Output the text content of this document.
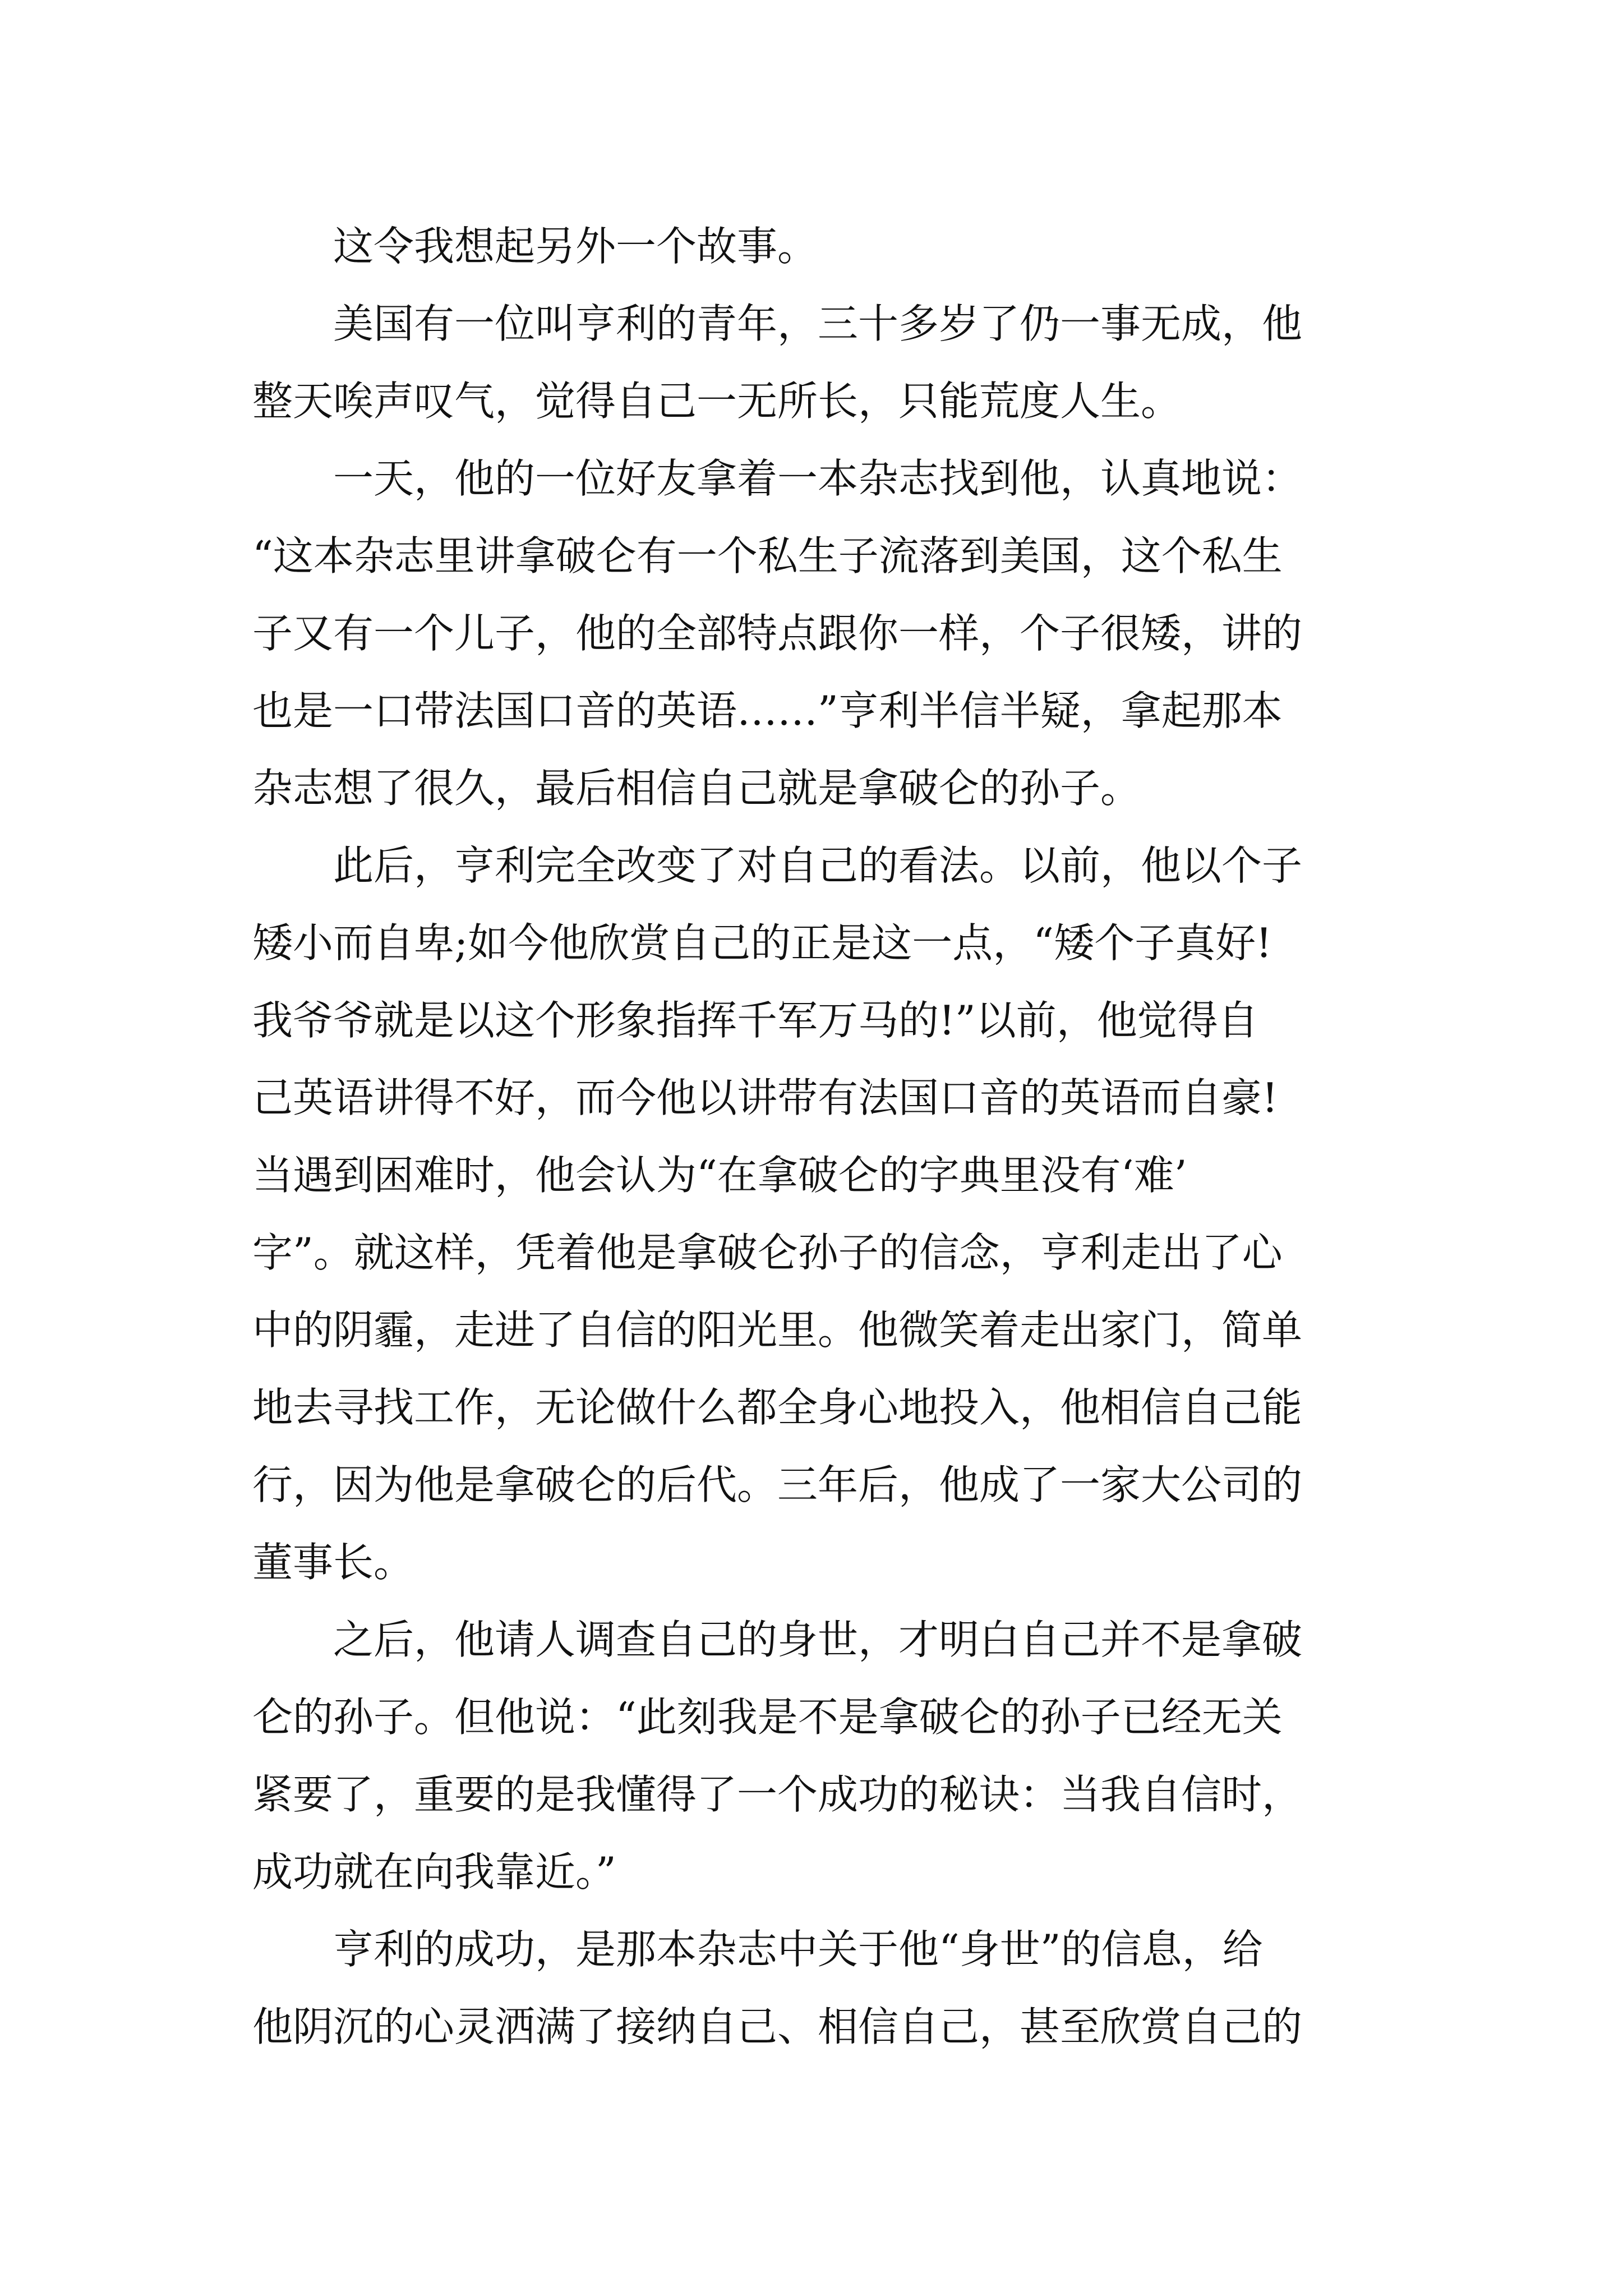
　　这令我想起另外一个故事。
　　美国有一位叫亨利的青年，三十多岁了仍一事无成，他
整天唉声叹气，觉得自己一无所长，只能荒度人生。
　　一天，他的一位好友拿着一本杂志找到他，认真地说：
“这本杂志里讲拿破仑有一个私生子流落到美国，这个私生
子又有一个儿子，他的全部特点跟你一样，个子很矮，讲的
也是一口带法国口音的英语……”亨利半信半疑，拿起那本
杂志想了很久，最后相信自己就是拿破仑的孙子。
　　此后，亨利完全改变了对自己的看法。以前，他以个子
矮小而自卑;如今他欣赏自己的正是这一点，“矮个子真好!
我爷爷就是以这个形象指挥千军万马的!”以前，他觉得自
己英语讲得不好，而今他以讲带有法国口音的英语而自豪!
当遇到困难时，他会认为“在拿破仑的字典里没有‘难’
字”。就这样，凭着他是拿破仑孙子的信念，亨利走出了心
中的阴霾，走进了自信的阳光里。他微笑着走出家门，简单
地去寻找工作，无论做什么都全身心地投入，他相信自己能
行，因为他是拿破仑的后代。三年后，他成了一家大公司的
董事长。
　　之后，他请人调查自己的身世，才明白自己并不是拿破
仑的孙子。但他说：“此刻我是不是拿破仑的孙子已经无关
紧要了，重要的是我懂得了一个成功的秘诀：当我自信时，
成功就在向我靠近。”
　　亨利的成功，是那本杂志中关于他“身世”的信息，给
他阴沉的心灵洒满了接纳自己、相信自己，甚至欣赏自己的
